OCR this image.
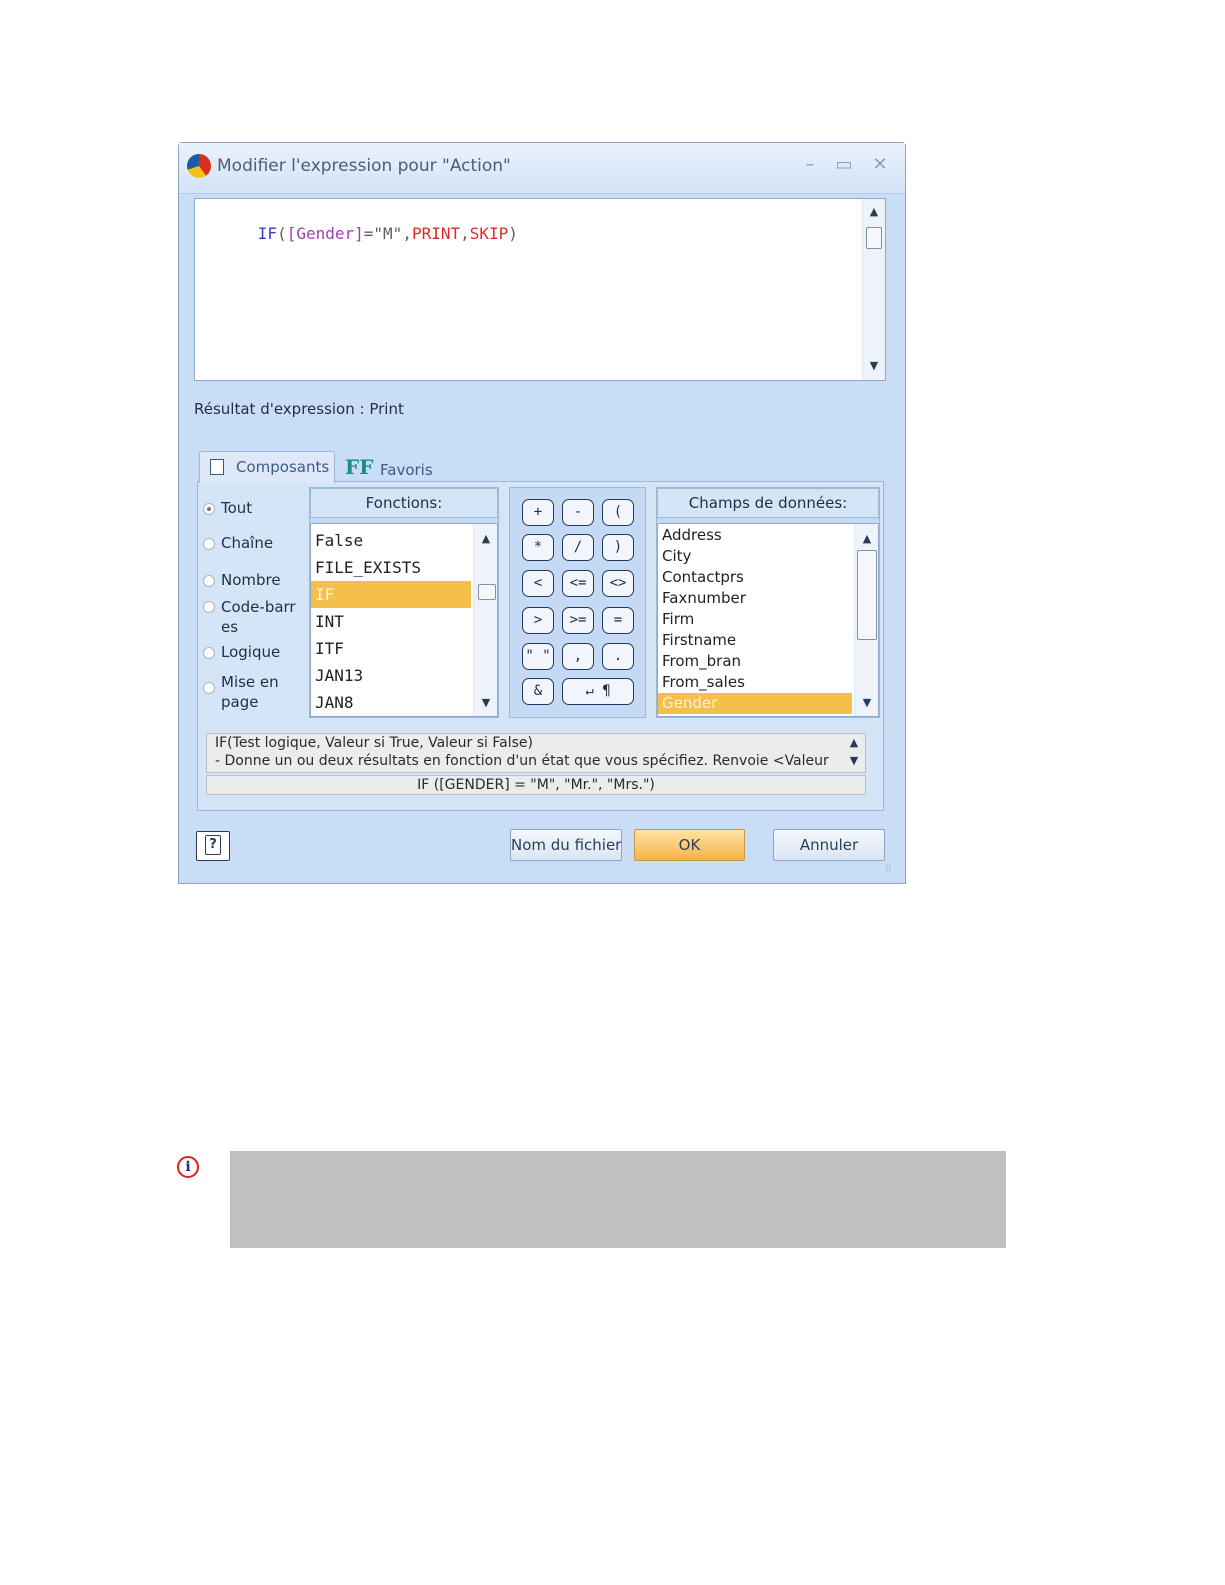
Modifier l'expression pour "Action"	–	▭ ✕

IF([Gender]="M",PRINT,SKIP)

▲
▼
Résultat d'expression : Print
Composants FF Favoris
Tout
Chaîne
Nombre
Code-barr
es
Logique
Mise en
page
Fonctions:
False
FILE_EXISTS
IF
INT
ITF
JAN13
JAN8
▲
▼
+	-	(
*	/	)
<	<=	<>
>	>=	=
" "	,	.
&	↵ ¶
Champs de données:
Address
City
Contactprs
Faxnumber
Firm
Firstname
From_bran
From_sales
Gender
▲
▼
IF(Test logique, Valeur si True, Valeur si False)
- Donne un ou deux résultats en fonction d'un état que vous spécifiez. Renvoie <Valeur
▲
▼
IF ([GENDER] = "M", "Mr.", "Mrs.")
?	Nom du fichier	OK	Annuler
⠿
i
